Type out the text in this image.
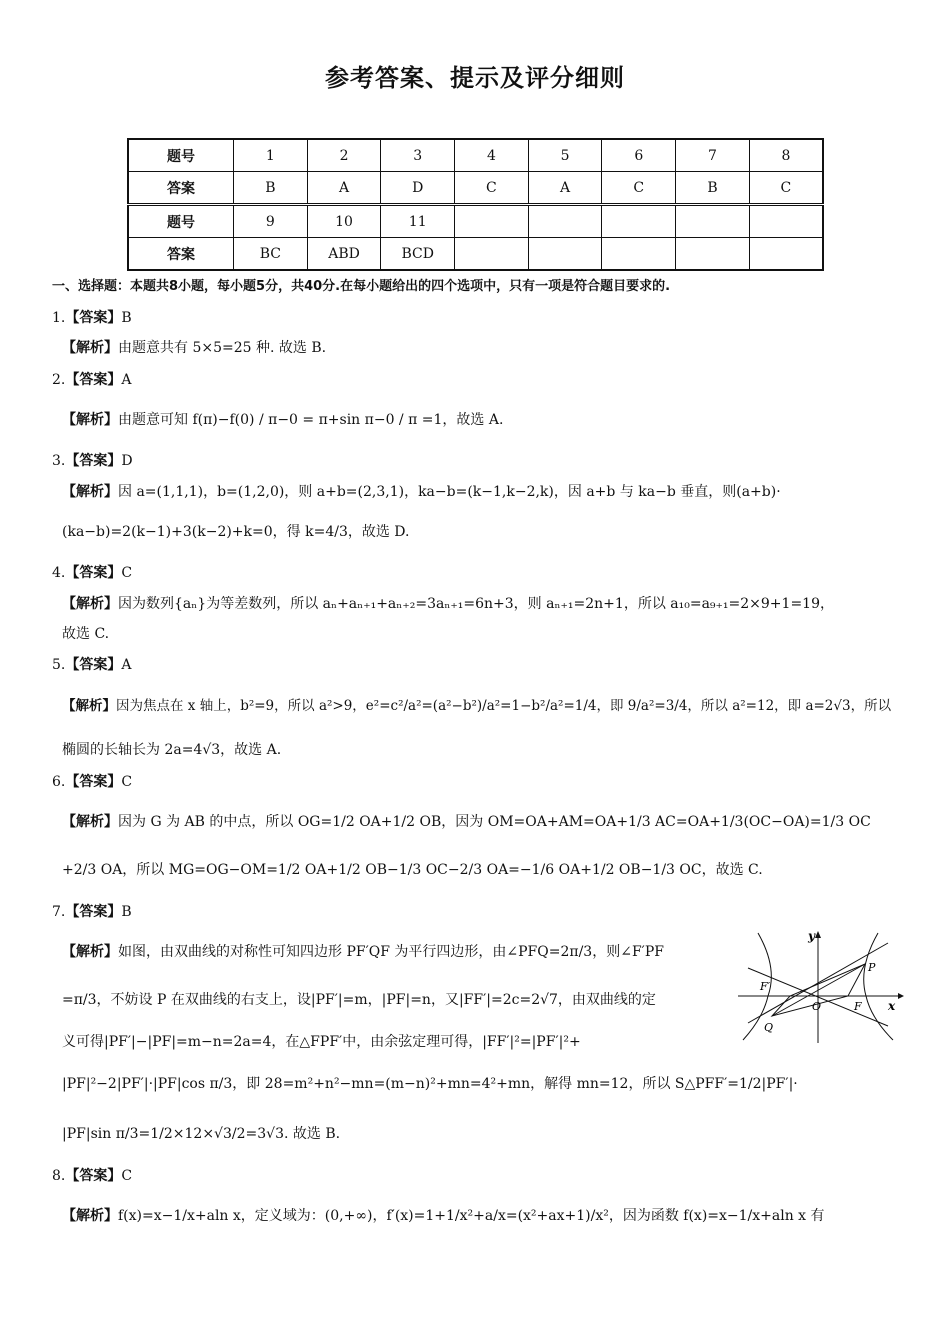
参考答案、提示及评分细则
题号	1	2	3	4	5	6	7	8
答案	B	A	D	C	A	C	B	C
题号	9	10	11					
答案	BC	ABD	BCD					
一、选择题：本题共8小题，每小题5分，共40分.在每小题给出的四个选项中，只有一项是符合题目要求的.
1.【答案】B
【解析】由题意共有 5×5=25 种. 故选 B.
2.【答案】A
【解析】由题意可知 f(π)−f(0) / π−0 = π+sin π−0 / π =1，故选 A.
3.【答案】D
【解析】因 a=(1,1,1)，b=(1,2,0)，则 a+b=(2,3,1)，ka−b=(k−1,k−2,k)，因 a+b 与 ka−b 垂直，则(a+b)·
(ka−b)=2(k−1)+3(k−2)+k=0，得 k=4/3，故选 D.
4.【答案】C
【解析】因为数列{aₙ}为等差数列，所以 aₙ+aₙ₊₁+aₙ₊₂=3aₙ₊₁=6n+3，则 aₙ₊₁=2n+1，所以 a₁₀=a₉₊₁=2×9+1=19，
故选 C.
5.【答案】A
【解析】因为焦点在 x 轴上，b²=9，所以 a²>9，e²=c²/a²=(a²−b²)/a²=1−b²/a²=1/4，即 9/a²=3/4，所以 a²=12，即 a=2√3，所以
椭圆的长轴长为 2a=4√3，故选 A.
6.【答案】C
【解析】因为 G 为 AB 的中点，所以 OG=1/2 OA+1/2 OB，因为 OM=OA+AM=OA+1/3 AC=OA+1/3(OC−OA)=1/3 OC
+2/3 OA，所以 MG=OG−OM=1/2 OA+1/2 OB−1/3 OC−2/3 OA=−1/6 OA+1/2 OB−1/3 OC，故选 C.
7.【答案】B
【解析】如图，由双曲线的对称性可知四边形 PF′QF 为平行四边形，由∠PFQ=2π/3，则∠F′PF
=π/3，不妨设 P 在双曲线的右支上，设|PF′|=m，|PF|=n，又|FF′|=2c=2√7，由双曲线的定
义可得|PF′|−|PF|=m−n=2a=4，在△FPF′中，由余弦定理可得，|FF′|²=|PF′|²+
|PF|²−2|PF′|·|PF|cos π/3，即 28=m²+n²−mn=(m−n)²+mn=4²+mn，解得 mn=12，所以 S△PFF′=1/2|PF′|·
|PF|sin π/3=1/2×12×√3/2=3√3. 故选 B.
y
x
O	F
F′
P
Q
8.【答案】C
【解析】f(x)=x−1/x+aln x，定义域为：(0,+∞)，f′(x)=1+1/x²+a/x=(x²+ax+1)/x²，因为函数 f(x)=x−1/x+aln x 有
